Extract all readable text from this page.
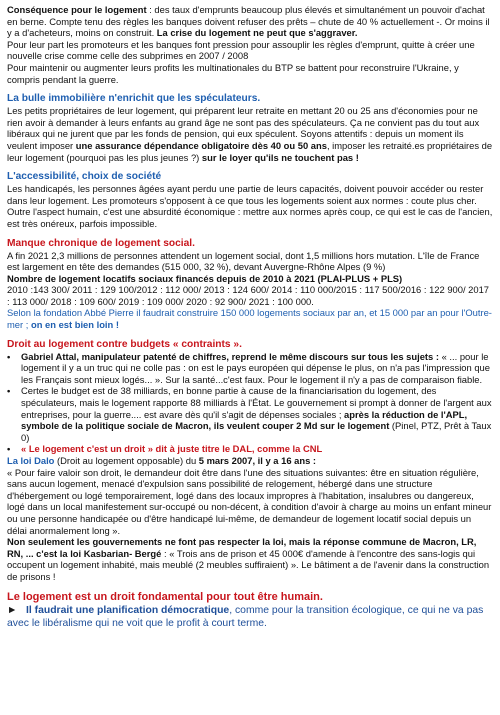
Conséquence pour le logement : des taux d'emprunts beaucoup plus élevés et simultanément un pouvoir d'achat en berne. Compte tenu des règles les banques doivent refuser des prêts – chute de 40 % actuellement -. Or moins il y a d'acheteurs, moins on construit. La crise du logement ne peut que s'aggraver.

Pour leur part les promoteurs et les banques font pression pour assouplir les règles d'emprunt, quitte à créer une nouvelle crise comme celle des subprimes en 2007 / 2008

Pour maintenir ou augmenter leurs profits les multinationales du BTP se battent pour reconstruire l'Ukraine, y compris pendant la guerre.

La bulle immobilière n'enrichit que les spéculateurs.

Les petits propriétaires de leur logement, qui préparent leur retraite en mettant 20 ou 25 ans d'économies pour ne rien avoir à demander à leurs enfants au grand âge ne sont pas des spéculateurs. Ça ne convient pas du tout aux libéraux qui ne jurent que par les fonds de pension, qui eux spéculent. Soyons attentifs : depuis un moment ils veulent imposer une assurance dépendance obligatoire dès 40 ou 50 ans, imposer les retraité.es propriétaires de leur logement (pourquoi pas les plus jeunes ?) sur le loyer qu'ils ne touchent pas !

L'accessibilité, choix de société

Les handicapés, les personnes âgées ayant perdu une partie de leurs capacités, doivent pouvoir accéder ou rester dans leur logement. Les promoteurs s'opposent à ce que tous les logements soient aux normes : coute plus cher. Outre l'aspect humain, c'est une absurdité économique : mettre aux normes après coup, ce qui est le cas de l'ancien, est très onéreux, parfois impossible.

Manque chronique de logement social.

A fin 2021 2,3 millions de personnes attendent un logement social, dont 1,5 millions hors mutation. L'île de France est largement en tête des demandes (515 000, 32 %), devant Auvergne-Rhône Alpes (9 %)

Nombre de logement locatifs sociaux financés depuis de 2010 à 2021 (PLAI-PLUS + PLS)

2010 :143 300/ 2011 : 129 100/2012 : 112 000/ 2013 : 124 600/ 2014 : 110 000/2015 : 117 500/2016 : 122 900/ 2017 : 113 000/ 2018 : 109 600/ 2019 : 109 000/ 2020 : 92 900/ 2021 : 100 000.

Selon la fondation Abbé Pierre il faudrait construire 150 000 logements sociaux par an, et 15 000 par an pour l'Outre-mer ; on en est bien loin !

Droit au logement contre budgets « contraints ».

•	Gabriel Attal, manipulateur patenté de chiffres, reprend le même discours sur tous les sujets : « ... pour le logement il y a un truc qui ne colle pas : on est le pays européen qui dépense le plus, on n'a pas l'impression que les Français sont mieux logés... ». Sur la santé...c'est faux. Pour le logement il n'y a pas de comparaison fiable.

•	Certes le budget est de 38 milliards, en bonne partie à cause de la financiarisation du logement, des spéculateurs, mais le logement rapporte 88 milliards à l'État. Le gouvernement si prompt à donner de l'argent aux entreprises, pour la guerre.... est avare dès qu'il s'agit de dépenses sociales ; après la réduction de l'APL, symbole de la politique sociale de Macron, ils veulent couper 2 Md sur le logement (Pinel, PTZ, Prêt à Taux 0)

•	« Le logement c'est un droit » dit à juste titre le DAL, comme la CNL

La loi Dalo (Droit au logement opposable) du 5 mars 2007, il y a 16 ans :

« Pour faire valoir son droit, le demandeur doit être dans l'une des situations suivantes: être en situation régulière, sans aucun logement, menacé d'expulsion sans possibilité de relogement, hébergé dans une structure d'hébergement ou logé temporairement, logé dans des locaux impropres à l'habitation, insalubres ou dangereux, logé dans un local manifestement sur-occupé ou non-décent, à condition d'avoir à charge au moins un enfant mineur ou une personne handicapée ou d'être handicapé lui-même, de demandeur de logement locatif social depuis un délai anormalement long ».

Non seulement les gouvernements ne font pas respecter la loi, mais la réponse commune de Macron, LR, RN, ... c'est la loi Kasbarian- Bergé : « Trois ans de prison et 45 000€ d'amende à l'encontre des sans-logis qui occupent un logement inhabité, mais meublé (2 meubles suffiraient) ». Le bâtiment a de l'avenir dans la construction de prisons !

Le logement est un droit fondamental pour tout être humain.

► Il faudrait une planification démocratique, comme pour la transition écologique, ce qui ne va pas avec le libéralisme qui ne voit que le profit à court terme.
